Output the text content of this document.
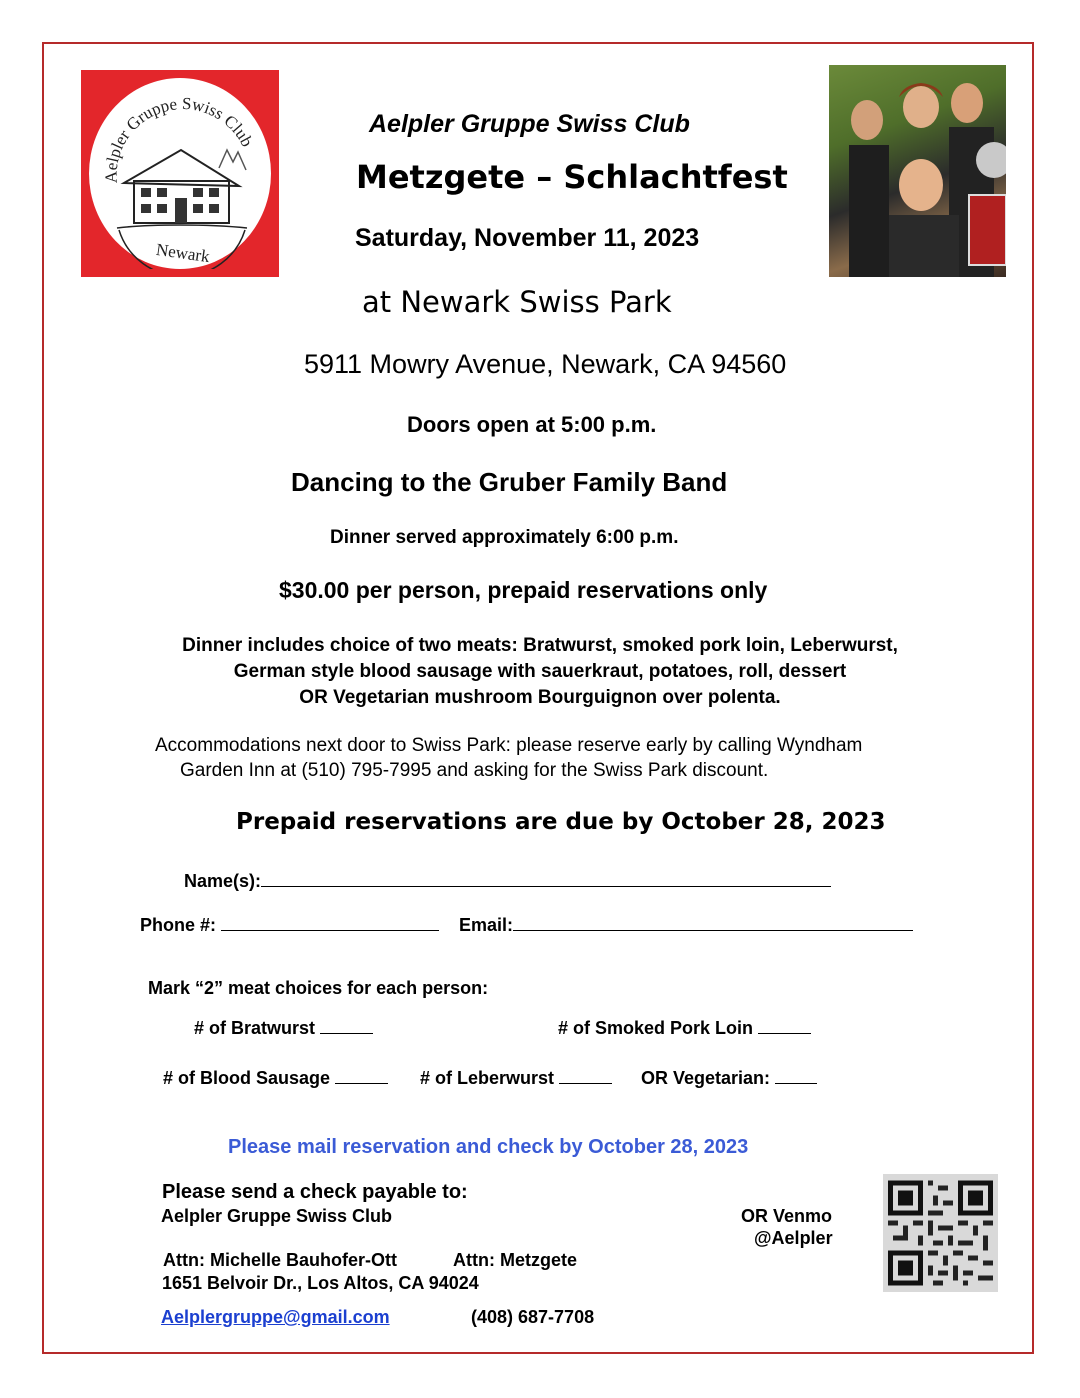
Aelpler Gruppe Swiss Club
Newark
Aelpler Gruppe Swiss Club
Metzgete – Schlachtfest
Saturday, November 11, 2023
at Newark Swiss Park
5911 Mowry Avenue, Newark, CA 94560
Doors open at 5:00 p.m.
Dancing to the Gruber Family Band
Dinner served approximately 6:00 p.m.
$30.00 per person, prepaid reservations only
Dinner includes choice of two meats: Bratwurst, smoked pork loin, Leberwurst,
German style blood sausage with sauerkraut, potatoes, roll, dessert
OR Vegetarian mushroom Bourguignon over polenta.
Accommodations next door to Swiss Park: please reserve early by calling Wyndham
Garden Inn at (510) 795-7995 and asking for the Swiss Park discount.
Prepaid reservations are due by October 28, 2023
Name(s):
Phone #:	Email:
Mark “2” meat choices for each person:
# of Bratwurst	# of Smoked Pork Loin
# of Blood Sausage	# of Leberwurst	OR Vegetarian:
Please mail reservation and check by October 28, 2023
Please send a check payable to:
Aelpler Gruppe Swiss Club	OR Venmo
@Aelpler
Attn: Michelle Bauhofer-Ott	Attn: Metzgete
1651 Belvoir Dr., Los Altos, CA 94024
Aelplergruppe@gmail.com	(408) 687-7708
